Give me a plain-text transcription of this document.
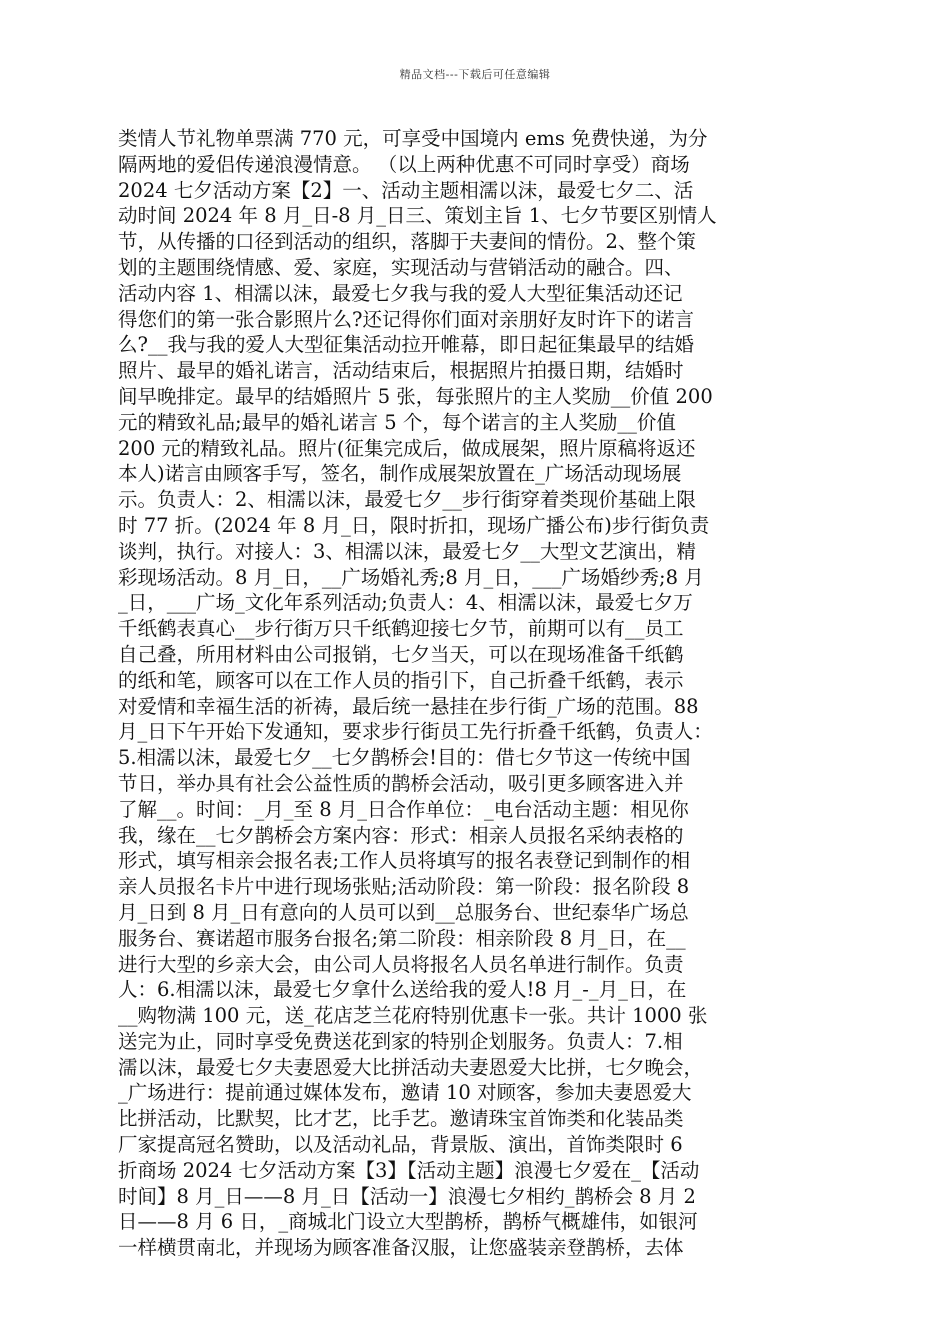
精品文档---下载后可任意编辑
类情人节礼物单票满 770 元，可享受中国境内 ems 免费快递，为分
隔两地的爱侣传递浪漫情意。 （以上两种优惠不可同时享受）商场
2024 七夕活动方案【2】一、活动主题相濡以沫，最爱七夕二、活
动时间 2024 年 8 月_日-8 月_日三、策划主旨 1、七夕节要区别情人
节，从传播的口径到活动的组织，落脚于夫妻间的情份。2、整个策
划的主题围绕情感、爱、家庭，实现活动与营销活动的融合。四、
活动内容 1、相濡以沫，最爱七夕我与我的爱人大型征集活动还记
得您们的第一张合影照片么?还记得你们面对亲朋好友时许下的诺言
么?__我与我的爱人大型征集活动拉开帷幕，即日起征集最早的结婚
照片、最早的婚礼诺言，活动结束后，根据照片拍摄日期，结婚时
间早晚排定。最早的结婚照片 5 张，每张照片的主人奖励__价值 200
元的精致礼品;最早的婚礼诺言 5 个，每个诺言的主人奖励__价值
200 元的精致礼品。照片(征集完成后，做成展架，照片原稿将返还
本人)诺言由顾客手写，签名，制作成展架放置在_广场活动现场展
示。负责人：2、相濡以沫，最爱七夕__步行街穿着类现价基础上限
时 77 折。(2024 年 8 月_日，限时折扣，现场广播公布)步行街负责
谈判，执行。对接人：3、相濡以沫，最爱七夕__大型文艺演出，精
彩现场活动。8 月_日，__广场婚礼秀;8 月_日，___广场婚纱秀;8 月
_日，___广场_文化年系列活动;负责人：4、相濡以沫，最爱七夕万
千纸鹤表真心__步行街万只千纸鹤迎接七夕节，前期可以有__员工
自己叠，所用材料由公司报销，七夕当天，可以在现场准备千纸鹤
的纸和笔，顾客可以在工作人员的指引下，自己折叠千纸鹤，表示
对爱情和幸福生活的祈祷，最后统一悬挂在步行街_广场的范围。88
月_日下午开始下发通知，要求步行街员工先行折叠千纸鹤，负责人：
5.相濡以沫，最爱七夕__七夕鹊桥会!目的：借七夕节这一传统中国
节日，举办具有社会公益性质的鹊桥会活动，吸引更多顾客进入并
了解__。时间：_月_至 8 月_日合作单位：_电台活动主题：相见你
我，缘在__七夕鹊桥会方案内容：形式：相亲人员报名采纳表格的
形式，填写相亲会报名表;工作人员将填写的报名表登记到制作的相
亲人员报名卡片中进行现场张贴;活动阶段：第一阶段：报名阶段 8
月_日到 8 月_日有意向的人员可以到__总服务台、世纪泰华广场总
服务台、赛诺超市服务台报名;第二阶段：相亲阶段 8 月_日，在__
进行大型的乡亲大会，由公司人员将报名人员名单进行制作。负责
人：6.相濡以沫，最爱七夕拿什么送给我的爱人!8 月_-_月_日，在
__购物满 100 元，送_花店芝兰花府特别优惠卡一张。共计 1000 张
送完为止，同时享受免费送花到家的特别企划服务。负责人：7.相
濡以沫，最爱七夕夫妻恩爱大比拼活动夫妻恩爱大比拼，七夕晚会，
_广场进行：提前通过媒体发布，邀请 10 对顾客，参加夫妻恩爱大
比拼活动，比默契，比才艺，比手艺。邀请珠宝首饰类和化装品类
厂家提高冠名赞助，以及活动礼品，背景版、演出，首饰类限时 6
折商场 2024 七夕活动方案【3】【活动主题】浪漫七夕爱在_【活动
时间】8 月_日——8 月_日【活动一】浪漫七夕相约_鹊桥会 8 月 2
日——8 月 6 日，_商城北门设立大型鹊桥，鹊桥气概雄伟，如银河
一样横贯南北，并现场为顾客准备汉服，让您盛装亲登鹊桥，去体
